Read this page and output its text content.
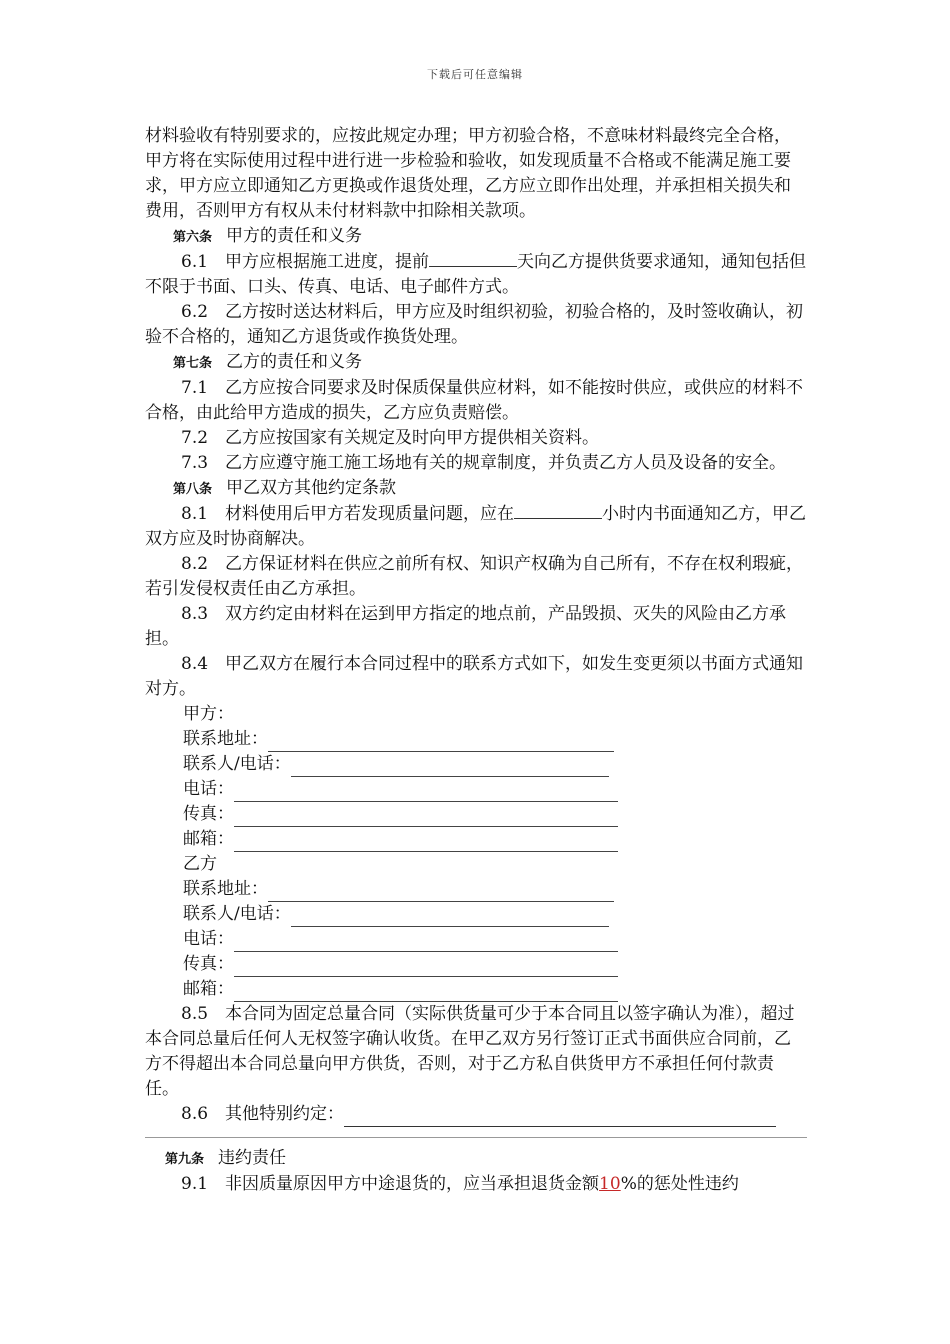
下载后可任意编辑

材料验收有特别要求的，应按此规定办理；甲方初验合格，不意味材料最终完全合格，甲方将在实际使用过程中进行进一步检验和验收，如发现质量不合格或不能满足施工要求，甲方应立即通知乙方更换或作退货处理，乙方应立即作出处理，并承担相关损失和费用，否则甲方有权从未付材料款中扣除相关款项。

第六条 甲方的责任和义务

6.1　甲方应根据施工进度，提前	天向乙方提供货要求通知，通知包括但不限于书面、口头、传真、电话、电子邮件方式。

6.2　乙方按时送达材料后，甲方应及时组织初验，初验合格的，及时签收确认，初验不合格的，通知乙方退货或作换货处理。

第七条 乙方的责任和义务

7.1　乙方应按合同要求及时保质保量供应材料，如不能按时供应，或供应的材料不合格，由此给甲方造成的损失，乙方应负责赔偿。

7.2　乙方应按国家有关规定及时向甲方提供相关资料。

7.3　乙方应遵守施工施工场地有关的规章制度，并负责乙方人员及设备的安全。

第八条 甲乙双方其他约定条款

8.1　材料使用后甲方若发现质量问题，应在	小时内书面通知乙方，甲乙双方应及时协商解决。

8.2　乙方保证材料在供应之前所有权、知识产权确为自己所有，不存在权利瑕疵，若引发侵权责任由乙方承担。

8.3　双方约定由材料在运到甲方指定的地点前，产品毁损、灭失的风险由乙方承担。

8.4　甲乙双方在履行本合同过程中的联系方式如下，如发生变更须以书面方式通知对方。

甲方：
联系地址：
联系人/电话：
电话：
传真：
邮箱：
乙方
联系地址：
联系人/电话：
电话：
传真：
邮箱：

8.5　本合同为固定总量合同（实际供货量可少于本合同且以签字确认为准），超过本合同总量后任何人无权签字确认收货。在甲乙双方另行签订正式书面供应合同前，乙方不得超出本合同总量向甲方供货，否则，对于乙方私自供货甲方不承担任何付款责任。

8.6　其他特别约定：

第九条 违约责任

9.1　非因质量原因甲方中途退货的，应当承担退货金额10%的惩处性违约
